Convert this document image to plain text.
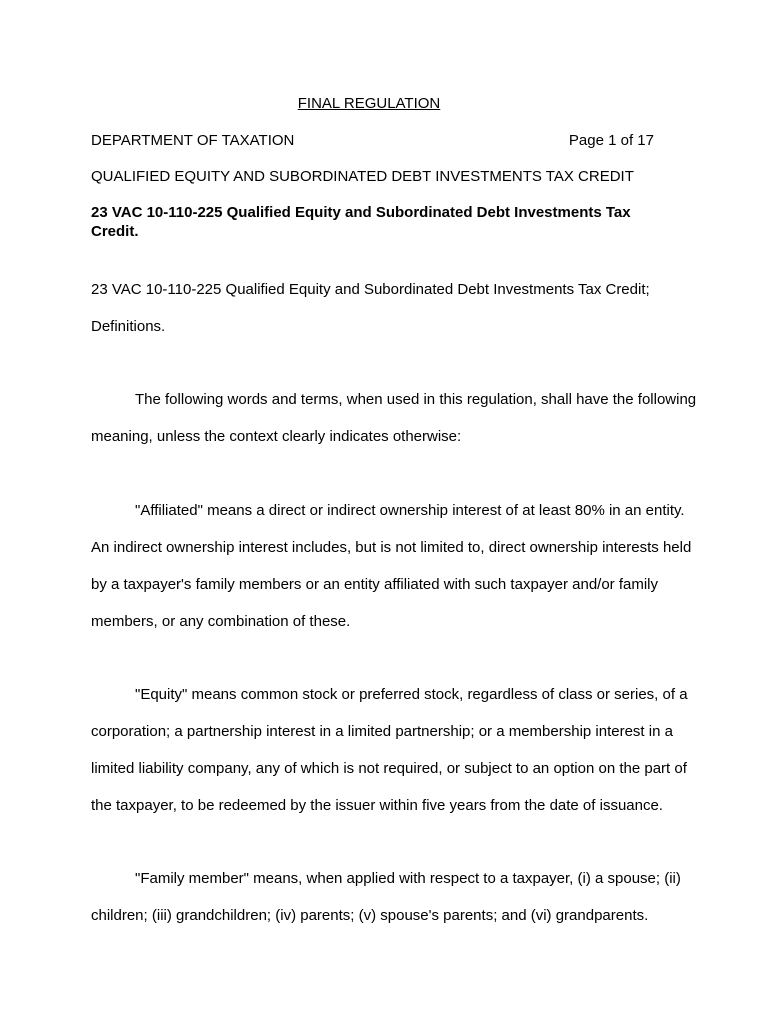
FINAL REGULATION
DEPARTMENT OF TAXATION	Page 1 of 17
QUALIFIED EQUITY AND SUBORDINATED DEBT INVESTMENTS TAX CREDIT
23 VAC 10-110-225 Qualified Equity and Subordinated Debt Investments Tax Credit.
23 VAC 10-110-225 Qualified Equity and Subordinated Debt Investments Tax Credit;
Definitions.
The following words and terms, when used in this regulation, shall have the following
meaning, unless the context clearly indicates otherwise:
"Affiliated" means a direct or indirect ownership interest of at least 80% in an entity.
An indirect ownership interest includes, but is not limited to, direct ownership interests held
by a taxpayer's family members or an entity affiliated with such taxpayer and/or family
members, or any combination of these.
"Equity" means common stock or preferred stock, regardless of class or series, of a
corporation; a partnership interest in a limited partnership; or a membership interest in a
limited liability company, any of which is not required, or subject to an option on the part of
the taxpayer, to be redeemed by the issuer within five years from the date of issuance.
"Family member" means, when applied with respect to a taxpayer, (i) a spouse; (ii)
children; (iii) grandchildren; (iv) parents; (v) spouse's parents; and (vi) grandparents.
